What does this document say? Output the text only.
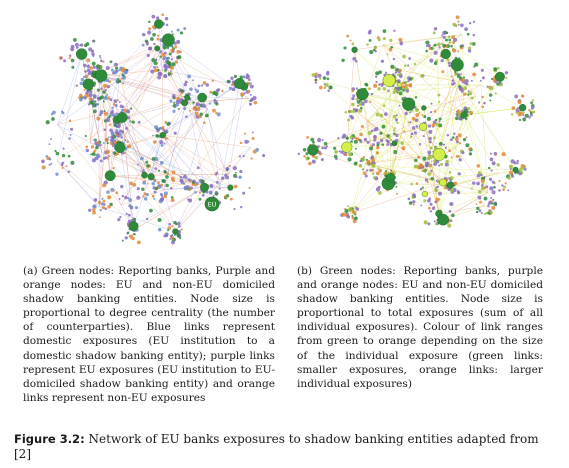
EU
(a) Green nodes: Reporting banks, Purple and orange nodes: EU and non-EU domiciled shadow banking entities. Node size is proportional to degree centrality (the number of counterparties). Blue links represent domestic exposures (EU institution to a domestic shadow banking entity); purple links represent EU exposures (EU institution to EU-domiciled shadow banking entity) and orange links represent non-EU exposures
(b) Green nodes: Reporting banks, purple and orange nodes: EU and non-EU domiciled shadow banking entities. Node size is proportional to total exposures (sum of all individual exposures). Colour of link ranges from green to orange depending on the size of the individual exposure (green links: smaller exposures, orange links: larger individual exposures)
Figure 3.2: Network of EU banks exposures to shadow banking entities adapted from [2]
